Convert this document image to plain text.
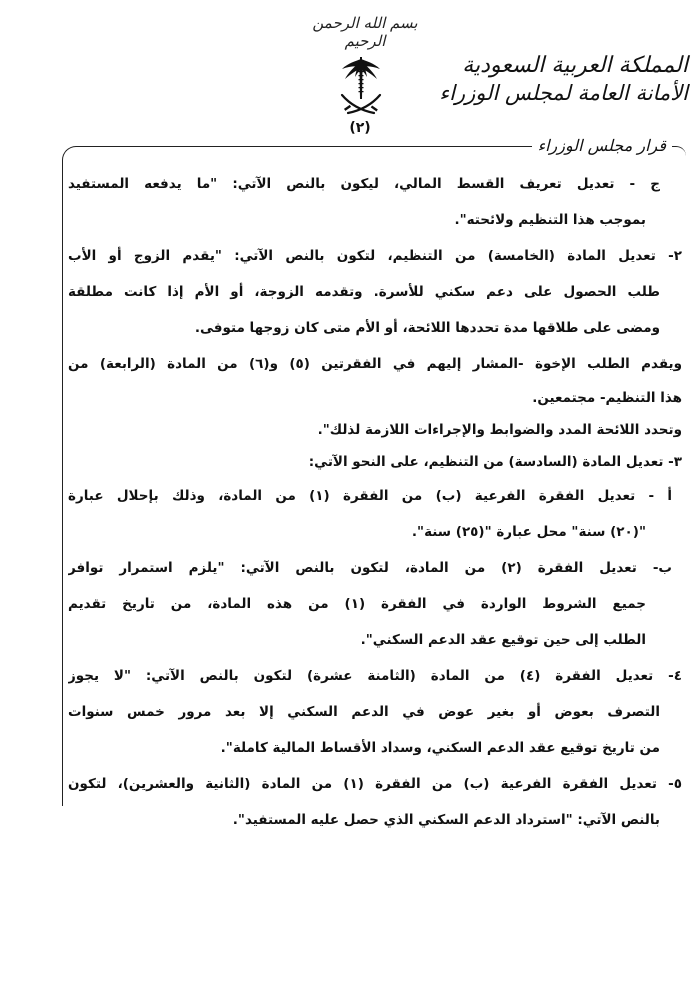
بسم الله الرحمن الرحيم
(٢)
المملكة العربية السعودية
الأمانة العامة لمجلس الوزراء
قرار مجلس الوزراء
ج - تعديل تعريف القسط المالي، ليكون بالنص الآتي: "ما يدفعه المستفيد
بموجب هذا التنظيم ولائحته".
٢- تعديل المادة (الخامسة) من التنظيم، لتكون بالنص الآتي: "يقدم الزوج أو الأب
طلب الحصول على دعم سكني للأسرة. وتقدمه الزوجة، أو الأم إذا كانت مطلقة
ومضى على طلاقها مدة تحددها اللائحة، أو الأم متى كان زوجها متوفى.
ويقدم الطلب الإخوة -المشار إليهم في الفقرتين (٥) و(٦) من المادة (الرابعة) من
هذا التنظيم- مجتمعين.
وتحدد اللائحة المدد والضوابط والإجراءات اللازمة لذلك".
٣- تعديل المادة (السادسة) من التنظيم، على النحو الآتي:
أ - تعديل الفقرة الفرعية (ب) من الفقرة (١) من المادة، وذلك بإحلال عبارة
"(٢٠) سنة" محل عبارة "(٢٥) سنة".
ب- تعديل الفقرة (٢) من المادة، لتكون بالنص الآتي: "يلزم استمرار توافر
جميع الشروط الواردة في الفقرة (١) من هذه المادة، من تاريخ تقديم
الطلب إلى حين توقيع عقد الدعم السكني".
٤- تعديل الفقرة (٤) من المادة (الثامنة عشرة) لتكون بالنص الآتي: "لا يجوز
التصرف بعوض أو بغير عوض في الدعم السكني إلا بعد مرور خمس سنوات
من تاريخ توقيع عقد الدعم السكني، وسداد الأقساط المالية كاملة".
٥- تعديل الفقرة الفرعية (ب) من الفقرة (١) من المادة (الثانية والعشرين)، لتكون
بالنص الآتي: "استرداد الدعم السكني الذي حصل عليه المستفيد".
